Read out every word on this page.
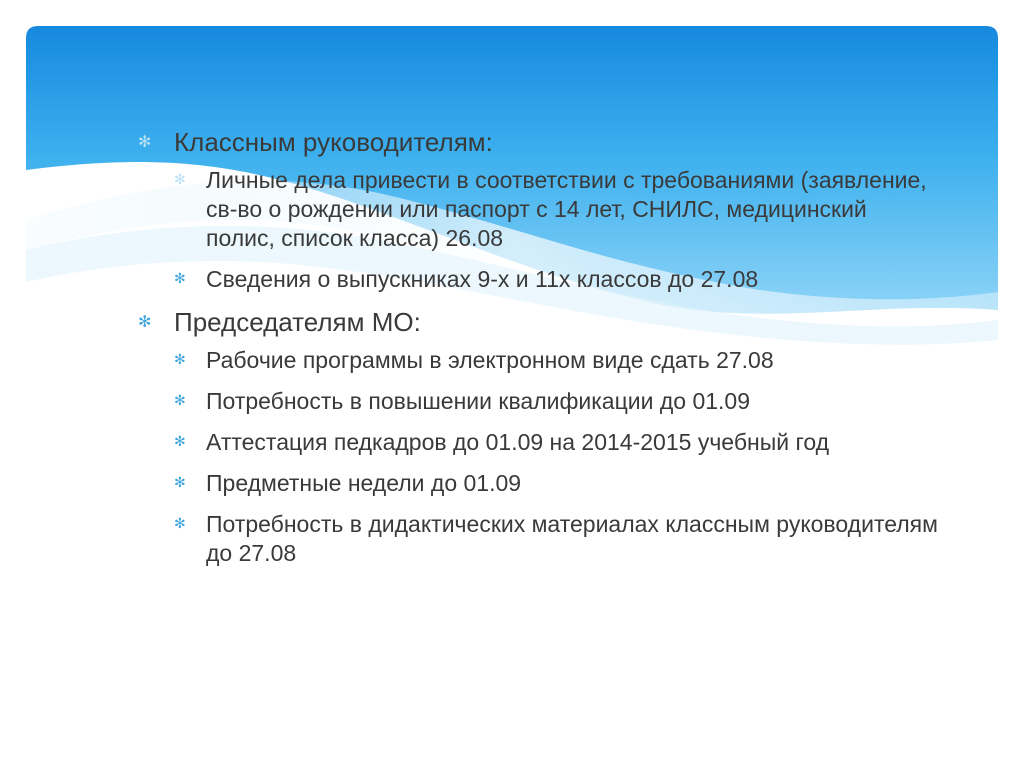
✻ Классным руководителям:
✻ Личные дела привести в соответствии с требованиями (заявление, св-во о рождении или паспорт с 14 лет, СНИЛС, медицинский полис, список класса) 26.08
✻ Сведения о выпускниках 9-х и 11х классов до 27.08
✻ Председателям МО:
✻ Рабочие программы в электронном виде сдать 27.08
✻ Потребность в повышении квалификации до 01.09
✻ Аттестация педкадров до 01.09 на 2014-2015 учебный год
✻ Предметные недели до 01.09
✻ Потребность в дидактических материалах классным руководителям до 27.08
